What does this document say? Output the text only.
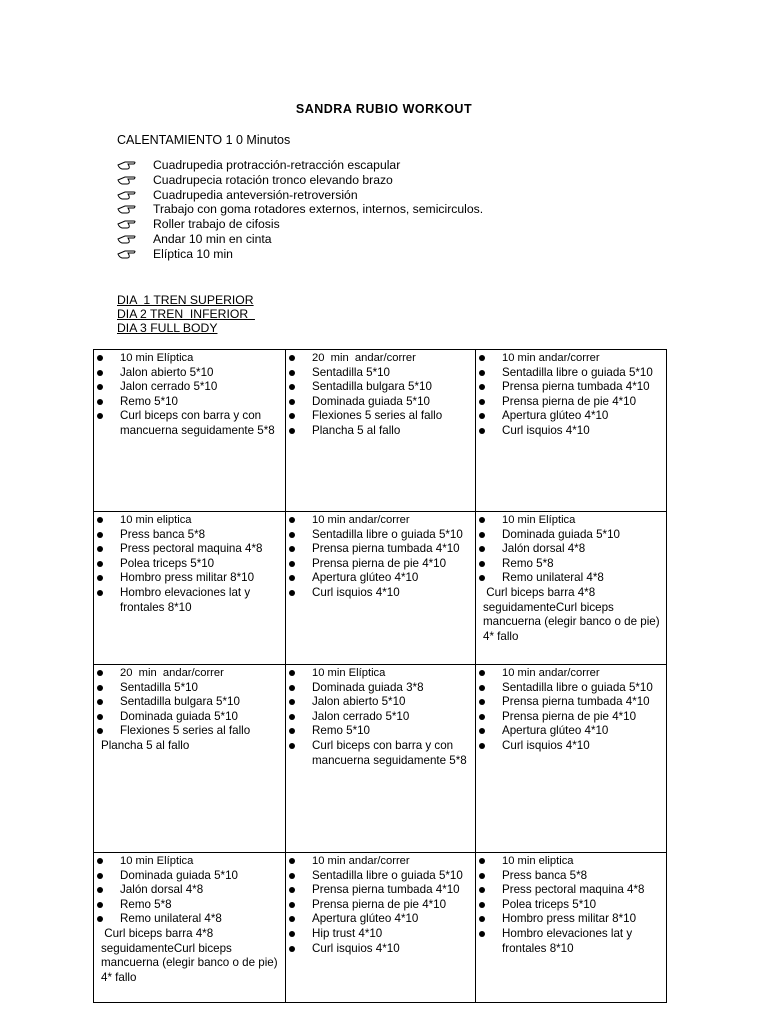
SANDRA RUBIO WORKOUT
CALENTAMIENTO 1 0 Minutos
Cuadrupedia protracción-retracción escapular
Cuadrupecia rotación tronco elevando brazo
Cuadrupedia anteversión-retroversión
Trabajo con goma rotadores externos, internos, semicirculos.
Roller trabajo de cifosis
Andar 10 min en cinta
Elíptica 10 min
DIA  1 TREN SUPERIOR
DIA 2 TREN  INFERIOR
DIA 3 FULL BODY
10 min Elíptica
Jalon abierto 5*10
Jalon cerrado 5*10
Remo 5*10
Curl biceps con barra y con mancuerna seguidamente 5*8
20  min  andar/correr
Sentadilla 5*10
Sentadilla bulgara 5*10
Dominada guiada 5*10
Flexiones 5 series al fallo
Plancha 5 al fallo
10 min andar/correr
Sentadilla libre o guiada 5*10
Prensa pierna tumbada 4*10
Prensa pierna de pie 4*10
Apertura glúteo 4*10
Curl isquios 4*10
10 min eliptica
Press banca 5*8
Press pectoral maquina 4*8
Polea triceps 5*10
Hombro press militar 8*10
Hombro elevaciones lat y frontales 8*10
10 min andar/correr
Sentadilla libre o guiada 5*10
Prensa pierna tumbada 4*10
Prensa pierna de pie 4*10
Apertura glúteo 4*10
Curl isquios 4*10
10 min Elíptica
Dominada guiada 5*10
Jalón dorsal 4*8
Remo 5*8
Remo unilateral 4*8
Curl biceps barra 4*8 seguidamenteCurl biceps mancuerna (elegir banco o de pie) 4* fallo
20  min  andar/correr
Sentadilla 5*10
Sentadilla bulgara 5*10
Dominada guiada 5*10
Flexiones 5 series al fallo
Plancha 5 al fallo
10 min Elíptica
Dominada guiada 3*8
Jalon abierto 5*10
Jalon cerrado 5*10
Remo 5*10
Curl biceps con barra y con mancuerna seguidamente 5*8
10 min andar/correr
Sentadilla libre o guiada 5*10
Prensa pierna tumbada 4*10
Prensa pierna de pie 4*10
Apertura glúteo 4*10
Curl isquios 4*10
10 min Elíptica
Dominada guiada 5*10
Jalón dorsal 4*8
Remo 5*8
Remo unilateral 4*8
Curl biceps barra 4*8 seguidamenteCurl biceps mancuerna (elegir banco o de pie) 4* fallo
10 min andar/correr
Sentadilla libre o guiada 5*10
Prensa pierna tumbada 4*10
Prensa pierna de pie 4*10
Apertura glúteo 4*10
Hip trust 4*10
Curl isquios 4*10
10 min eliptica
Press banca 5*8
Press pectoral maquina 4*8
Polea triceps 5*10
Hombro press militar 8*10
Hombro elevaciones lat y frontales 8*10
